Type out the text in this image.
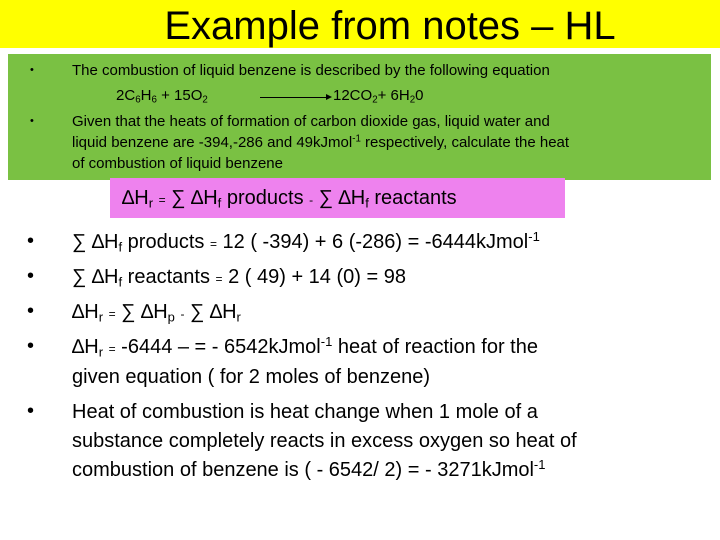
Example from notes – HL
•	The combustion of liquid benzene is described by the following equation
$2C_6H_6 + 15O_2$	$12CO_2+ 6H_20$
•	Given that the heats of formation of carbon dioxide gas, liquid water and
liquid benzene are -394,-286 and 49kJmol$^{-1}$ respectively, calculate the heat
of combustion of liquid benzene
$\Delta H_r$ = ∑ $\Delta H_f$ products - ∑ $\Delta H_f$ reactants
• ∑ $\Delta H_f$ products = 12 ( -394) + 6 (-286) = -6444kJmol$^{-1}$
• ∑ $\Delta H_f$ reactants = 2 ( 49) + 14 (0) = 98
• $\Delta H_r$ = ∑ $\Delta H_p$ - ∑ $\Delta H_r$
• $\Delta H_r = -6444$ – = - 6542kJmol$^{-1}$ heat of reaction for the
given equation ( for 2 moles of benzene)
• Heat of combustion is heat change when 1 mole of a
substance completely reacts in excess oxygen so heat of
combustion of benzene is ( - 6542/ 2) = - 3271kJmol$^{-1}$
